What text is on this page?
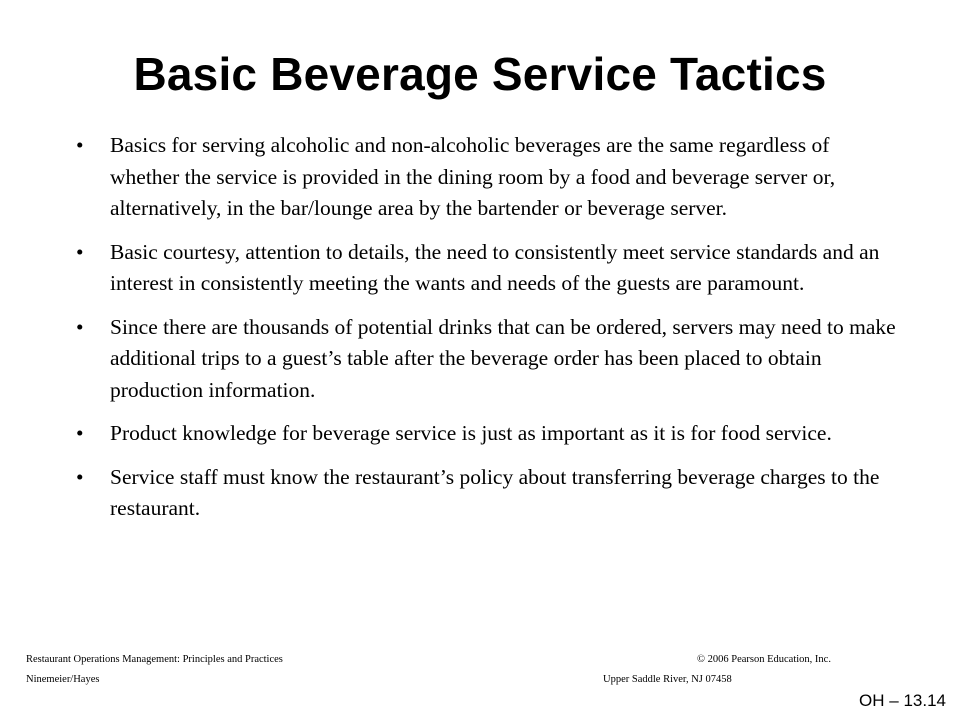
Basic Beverage Service Tactics
•	Basics for serving alcoholic and non-alcoholic beverages are the same regardless of whether the service is provided in the dining room by a food and beverage server or, alternatively, in the bar/lounge area by the bartender or beverage server.
•	Basic courtesy, attention to details, the need to consistently meet service standards and an interest in consistently meeting the wants and needs of the guests are paramount.
•	Since there are thousands of potential drinks that can be ordered, servers may need to make additional trips to a guest’s table after the beverage order has been placed to obtain production information.
•	Product knowledge for beverage service is just as important as it is for food service.
•	Service staff must know the restaurant’s policy about transferring beverage charges to the restaurant.
Restaurant Operations Management: Principles and Practices
Ninemeier/Hayes
© 2006 Pearson Education, Inc.
Upper Saddle River, NJ 07458
OH – 13.14
